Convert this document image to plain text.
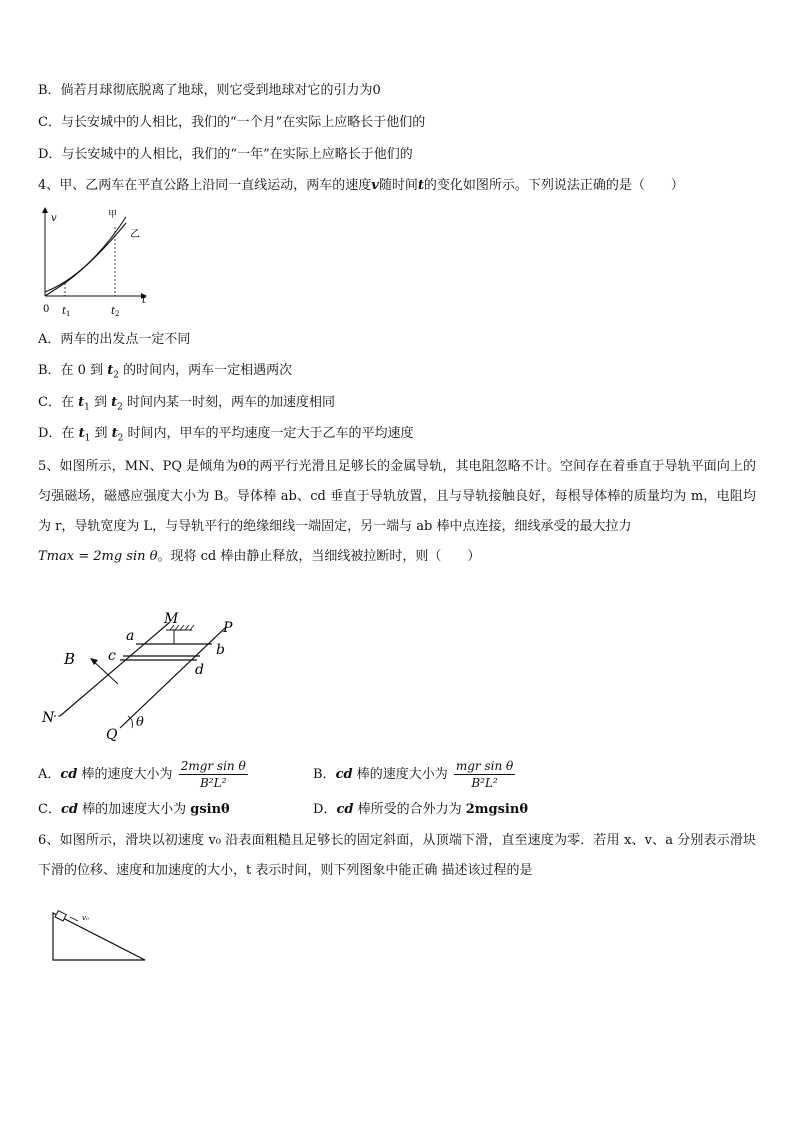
B．倘若月球彻底脱离了地球，则它受到地球对它的引力为0
C．与长安城中的人相比，我们的“一个月”在实际上应略长于他们的
D．与长安城中的人相比，我们的“一年”在实际上应略长于他们的
4、甲、乙两车在平直公路上沿同一直线运动，两车的速度v随时间t的变化如图所示。下列说法正确的是（　　）
v
t
0 $t_1$	$t_2$
甲
乙
A．两车的出发点一定不同
B．在 0 到 $t_2$ 的时间内，两车一定相遇两次
C．在 $t_1$ 到 $t_2$ 时间内某一时刻，两车的加速度相同
D．在 $t_1$ 到 $t_2$ 时间内，甲车的平均速度一定大于乙车的平均速度
5、如图所示，MN、PQ 是倾角为θ的两平行光滑且足够长的金属导轨，其电阻忽略不计。空间存在着垂直于导轨平面向上的匀强磁场，磁感应强度大小为 B。导体棒 ab、cd 垂直于导轨放置，且与导轨接触良好，每根导体棒的质量均为 m，电阻均为 r，导轨宽度为 L，与导轨平行的绝缘细线一端固定，另一端与 ab 棒中点连接，细线承受的最大拉力
Tmax = 2mg sin θ。现将 cd 棒由静止释放，当细线被拉断时，则（　　）
M
P
a
b
c
d
B
N
Q
θ
A．cd 棒的速度大小为 $\frac{\text{2mgr sin θ}}{\text{B²L²}}$	B．cd 棒的速度大小为 $\frac{\text{mgr sin θ}}{\text{B²L²}}$
C．cd 棒的加速度大小为 gsinθ	D．cd 棒所受的合外力为 2mgsinθ
6、如图所示，滑块以初速度 v₀ 沿表面粗糙且足够长的固定斜面，从顶端下滑，直至速度为零．若用 x、v、a 分别表示滑块下滑的位移、速度和加速度的大小，t 表示时间，则下列图象中能正确 描述该过程的是
v₀
